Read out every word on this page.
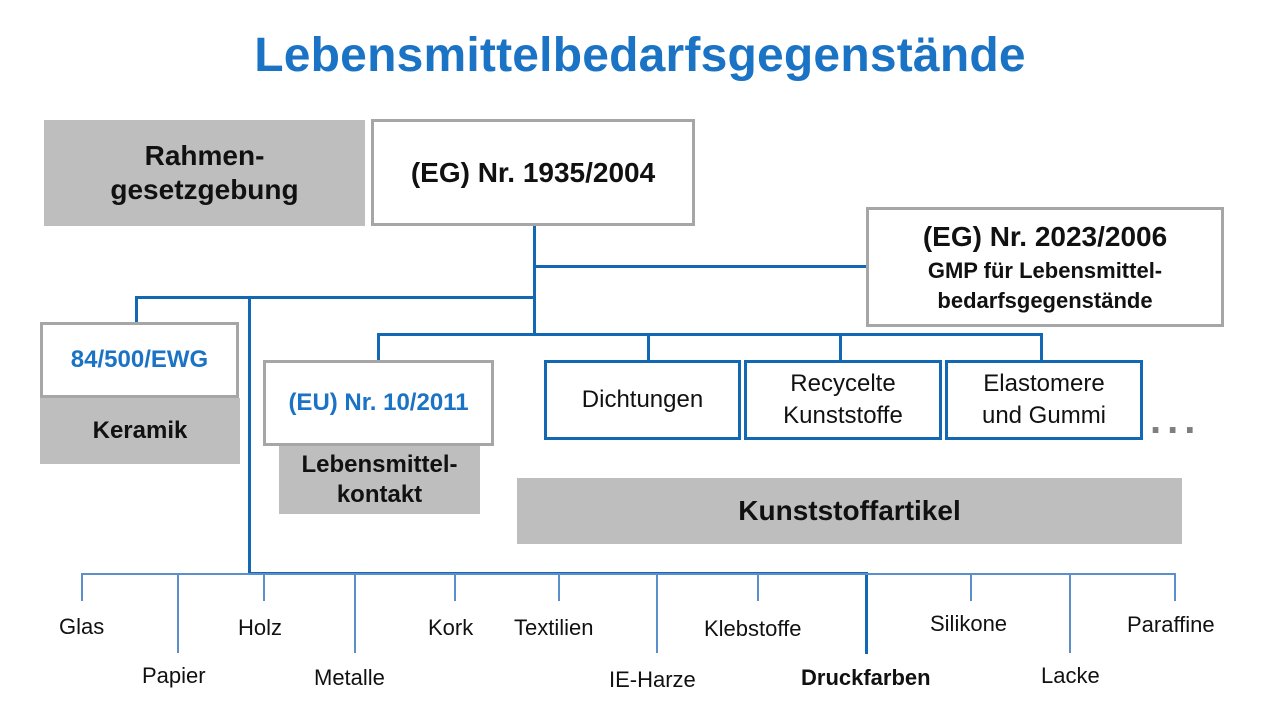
Lebensmittelbedarfsgegenstände
Rahmen-
gesetzgebung
(EG) Nr. 1935/2004
(EG) Nr. 2023/2006
GMP für Lebensmittel-
bedarfsgegenstände
84/500/EWG
Keramik
(EU) Nr. 10/2011
Lebensmittel-
kontakt
Dichtungen
Recycelte
Kunststoffe
Elastomere
und Gummi ...
Kunststoffartikel
Glas
Papier
Holz
Metalle
Kork Textilien
IE-Harze
Klebstoffe
Druckfarben
Silikone
Lacke
Paraffine
